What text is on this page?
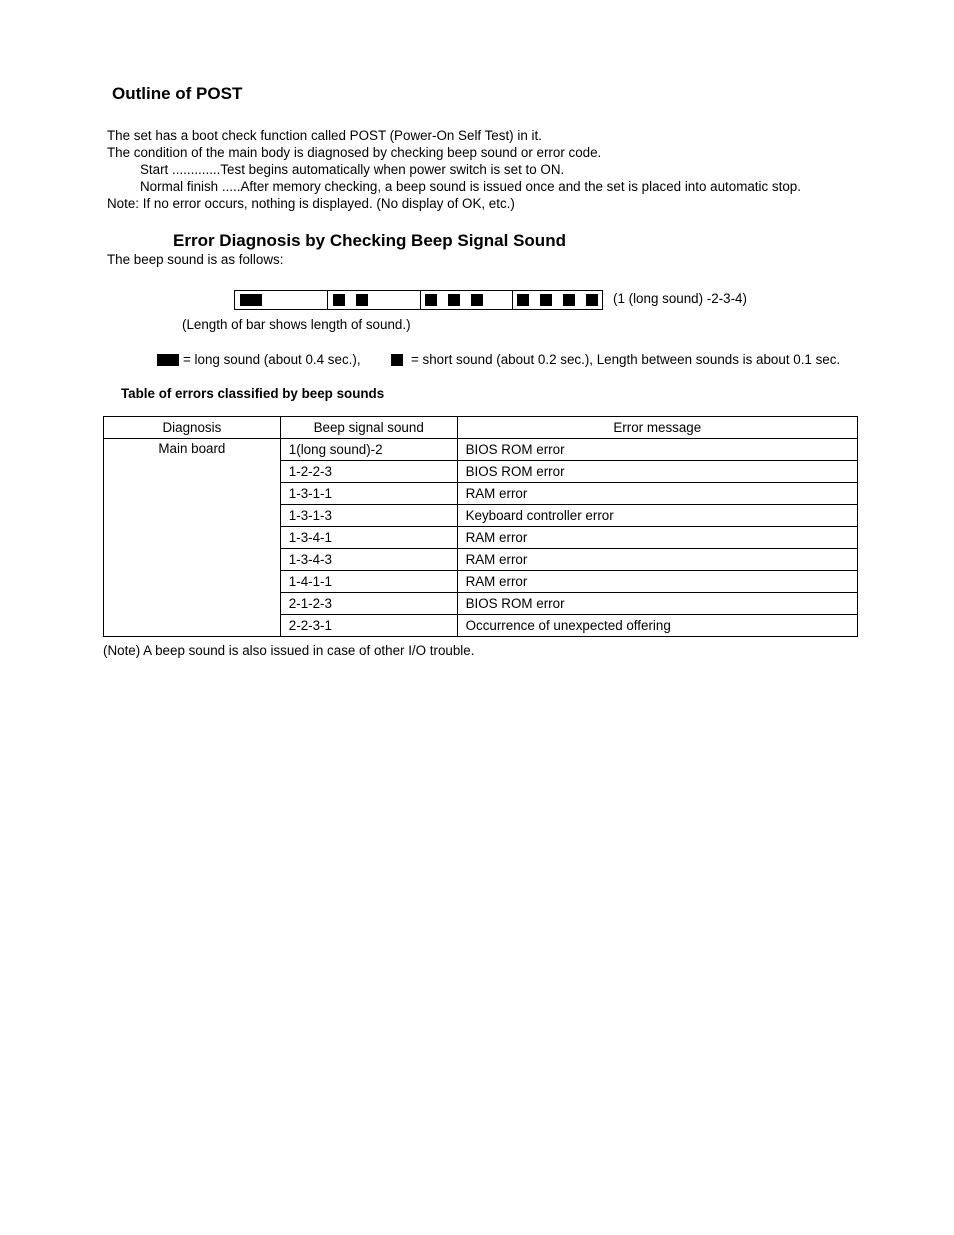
Outline of POST
The set has a boot check function called POST (Power-On Self Test) in it.
The condition of the main body is diagnosed by checking beep sound or error code.
Start .............Test begins automatically when power switch is set to ON.
Normal finish .....After memory checking, a beep sound is issued once and the set is placed into automatic stop.
Note: If no error occurs, nothing is displayed. (No display of OK, etc.)
Error Diagnosis by Checking Beep Signal Sound
The beep sound is as follows:
(1 (long sound) -2-3-4)
(Length of bar shows length of sound.)
= long sound (about 0.4 sec.),	= short sound (about 0.2 sec.), Length between sounds is about 0.1 sec.
Table of errors classified by beep sounds
Diagnosis	Beep signal sound	Error message
Main board	1(long sound)-2	BIOS ROM error
	1-2-2-3	BIOS ROM error
	1-3-1-1	RAM error
	1-3-1-3	Keyboard controller error
	1-3-4-1	RAM error
	1-3-4-3	RAM error
	1-4-1-1	RAM error
	2-1-2-3	BIOS ROM error
	2-2-3-1	Occurrence of unexpected offering
(Note) A beep sound is also issued in case of other I/O trouble.
